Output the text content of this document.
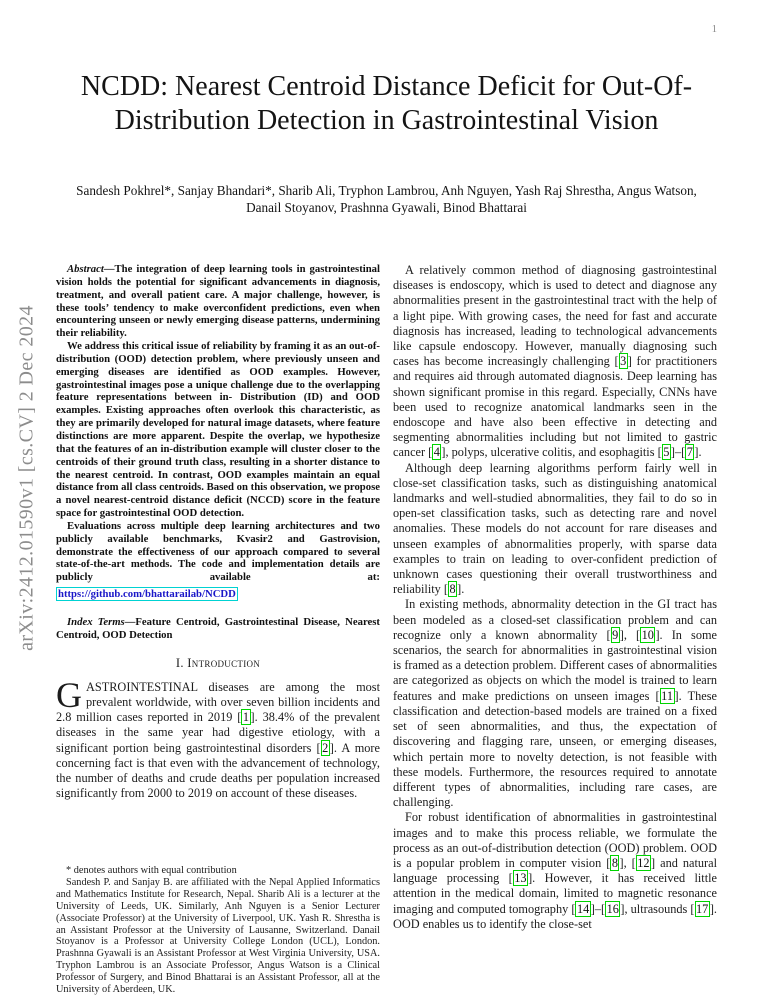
1
arXiv:2412.01590v1 [cs.CV] 2 Dec 2024
NCDD: Nearest Centroid Distance Deficit for Out-Of-Distribution Detection in Gastrointestinal Vision
Sandesh Pokhrel*, Sanjay Bhandari*, Sharib Ali, Tryphon Lambrou, Anh Nguyen, Yash Raj Shrestha, Angus Watson, Danail Stoyanov, Prashnna Gyawali, Binod Bhattarai

Abstract—The integration of deep learning tools in gastrointestinal vision holds the potential for significant advancements in diagnosis, treatment, and overall patient care. A major challenge, however, is these tools’ tendency to make overconfident predictions, even when encountering unseen or newly emerging disease patterns, undermining their reliability.

We address this critical issue of reliability by framing it as an out-of-distribution (OOD) detection problem, where previously unseen and emerging diseases are identified as OOD examples. However, gastrointestinal images pose a unique challenge due to the overlapping feature representations between in- Distribution (ID) and OOD examples. Existing approaches often overlook this characteristic, as they are primarily developed for natural image datasets, where feature distinctions are more apparent. Despite the overlap, we hypothesize that the features of an in-distribution example will cluster closer to the centroids of their ground truth class, resulting in a shorter distance to the nearest centroid. In contrast, OOD examples maintain an equal distance from all class centroids. Based on this observation, we propose a novel nearest-centroid distance deficit (NCCD) score in the feature space for gastrointestinal OOD detection.

Evaluations across multiple deep learning architectures and two publicly available benchmarks, Kvasir2 and Gastrovision, demonstrate the effectiveness of our approach compared to several state-of-the-art methods. The code and implementation details are publicly available at:

https://github.com/bhattarailab/NCDD

Index Terms—Feature Centroid, Gastrointestinal Disease, Nearest Centroid, OOD Detection

I. Introduction

GASTROINTESTINAL diseases are among the most prevalent worldwide, with over seven billion incidents and 2.8 million cases reported in 2019 [ 1 ]. 38.4% of the prevalent diseases in the same year had digestive etiology, with a significant portion being gastrointestinal disorders [ 2 ]. A more concerning fact is that even with the advancement of technology, the number of deaths and crude deaths per population increased significantly from 2000 to 2019 on account of these diseases.

* denotes authors with equal contribution

Sandesh P. and Sanjay B. are affiliated with the Nepal Applied Informatics and Mathematics Institute for Research, Nepal. Sharib Ali is a lecturer at the University of Leeds, UK. Similarly, Anh Nguyen is a Senior Lecturer (Associate Professor) at the University of Liverpool, UK. Yash R. Shrestha is an Assistant Professor at the University of Lausanne, Switzerland. Danail Stoyanov is a Professor at University College London (UCL), London. Prashnna Gyawali is an Assistant Professor at West Virginia University, USA. Tryphon Lambrou is an Associate Professor, Angus Watson is a Clinical Professor of Surgery, and Binod Bhattarai is an Assistant Professor, all at the University of Aberdeen, UK.

A relatively common method of diagnosing gastrointestinal diseases is endoscopy, which is used to detect and diagnose any abnormalities present in the gastrointestinal tract with the help of a light pipe. With growing cases, the need for fast and accurate diagnosis has increased, leading to technological advancements like capsule endoscopy. However, manually diagnosing such cases has become increasingly challenging [ 3 ] for practitioners and requires aid through automated diagnosis. Deep learning has shown significant promise in this regard. Especially, CNNs have been used to recognize anatomical landmarks seen in the endoscope and have also been effective in detecting and segmenting abnormalities including but not limited to gastric cancer [ 4 ], polyps, ulcerative colitis, and esophagitis [ 5 ]–[ 7 ].

Although deep learning algorithms perform fairly well in close-set classification tasks, such as distinguishing anatomical landmarks and well-studied abnormalities, they fail to do so in open-set classification tasks, such as detecting rare and novel anomalies. These models do not account for rare diseases and unseen examples of abnormalities properly, with sparse data examples to train on leading to over-confident prediction of unknown cases questioning their overall trustworthiness and reliability [ 8 ].

In existing methods, abnormality detection in the GI tract has been modeled as a closed-set classification problem and can recognize only a known abnormality [ 9 ], [ 10 ]. In some scenarios, the search for abnormalities in gastrointestinal vision is framed as a detection problem. Different cases of abnormalities are categorized as objects on which the model is trained to learn features and make predictions on unseen images [ 11 ]. These classification and detection-based models are trained on a fixed set of seen abnormalities, and thus, the expectation of discovering and flagging rare, unseen, or emerging diseases, which pertain more to novelty detection, is not feasible with these models. Furthermore, the resources required to annotate different types of abnormalities, including rare cases, are challenging.

For robust identification of abnormalities in gastrointestinal images and to make this process reliable, we formulate the process as an out-of-distribution detection (OOD) problem. OOD is a popular problem in computer vision [ 8 ], [ 12 ] and natural language processing [ 13 ]. However, it has received little attention in the medical domain, limited to magnetic resonance imaging and computed tomography [ 14 ]–[ 16 ], ultrasounds [ 17 ]. OOD enables us to identify the close-set
